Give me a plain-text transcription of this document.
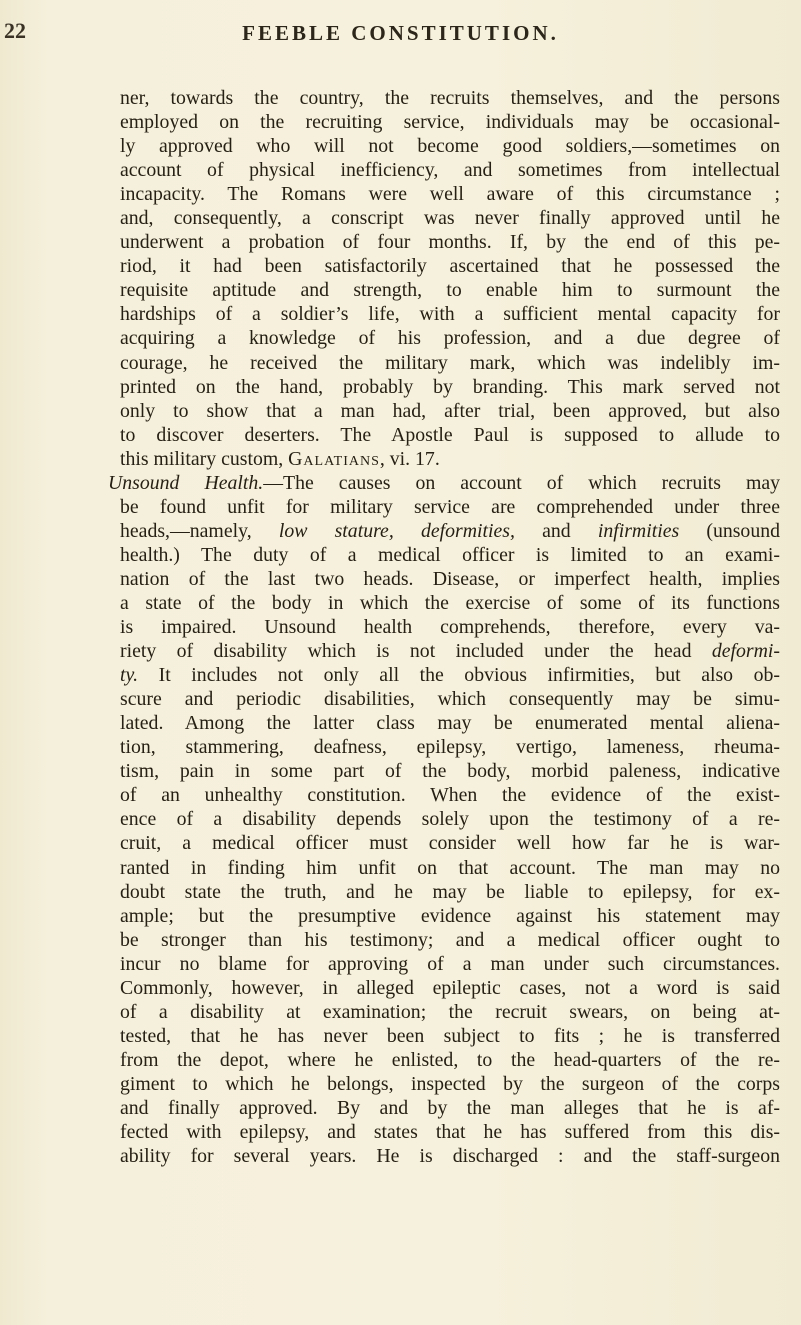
22	FEEBLE CONSTITUTION.
ner, towards the country, the recruits themselves, and the persons
employed on the recruiting service, individuals may be occasional-
ly approved who will not become good soldiers,—sometimes on
account of physical inefficiency, and sometimes from intellectual
incapacity. The Romans were well aware of this circumstance ;
and, consequently, a conscript was never finally approved until he
underwent a probation of four months. If, by the end of this pe-
riod, it had been satisfactorily ascertained that he possessed the
requisite aptitude and strength, to enable him to surmount the
hardships of a soldier’s life, with a sufficient mental capacity for
acquiring a knowledge of his profession, and a due degree of
courage, he received the military mark, which was indelibly im-
printed on the hand, probably by branding. This mark served not
only to show that a man had, after trial, been approved, but also
to discover deserters. The Apostle Paul is supposed to allude to
this military custom, Galatians, vi. 17.
Unsound Health.—The causes on account of which recruits may
be found unfit for military service are comprehended under three
heads,—namely, low stature, deformities, and infirmities (unsound
health.) The duty of a medical officer is limited to an exami-
nation of the last two heads. Disease, or imperfect health, implies
a state of the body in which the exercise of some of its functions
is impaired. Unsound health comprehends, therefore, every va-
riety of disability which is not included under the head deformi-
ty. It includes not only all the obvious infirmities, but also ob-
scure and periodic disabilities, which consequently may be simu-
lated. Among the latter class may be enumerated mental aliena-
tion, stammering, deafness, epilepsy, vertigo, lameness, rheuma-
tism, pain in some part of the body, morbid paleness, indicative
of an unhealthy constitution. When the evidence of the exist-
ence of a disability depends solely upon the testimony of a re-
cruit, a medical officer must consider well how far he is war-
ranted in finding him unfit on that account. The man may no
doubt state the truth, and he may be liable to epilepsy, for ex-
ample; but the presumptive evidence against his statement may
be stronger than his testimony; and a medical officer ought to
incur no blame for approving of a man under such circumstances.
Commonly, however, in alleged epileptic cases, not a word is said
of a disability at examination; the recruit swears, on being at-
tested, that he has never been subject to fits ; he is transferred
from the depot, where he enlisted, to the head-quarters of the re-
giment to which he belongs, inspected by the surgeon of the corps
and finally approved. By and by the man alleges that he is af-
fected with epilepsy, and states that he has suffered from this dis-
ability for several years. He is discharged : and the staff-surgeon
